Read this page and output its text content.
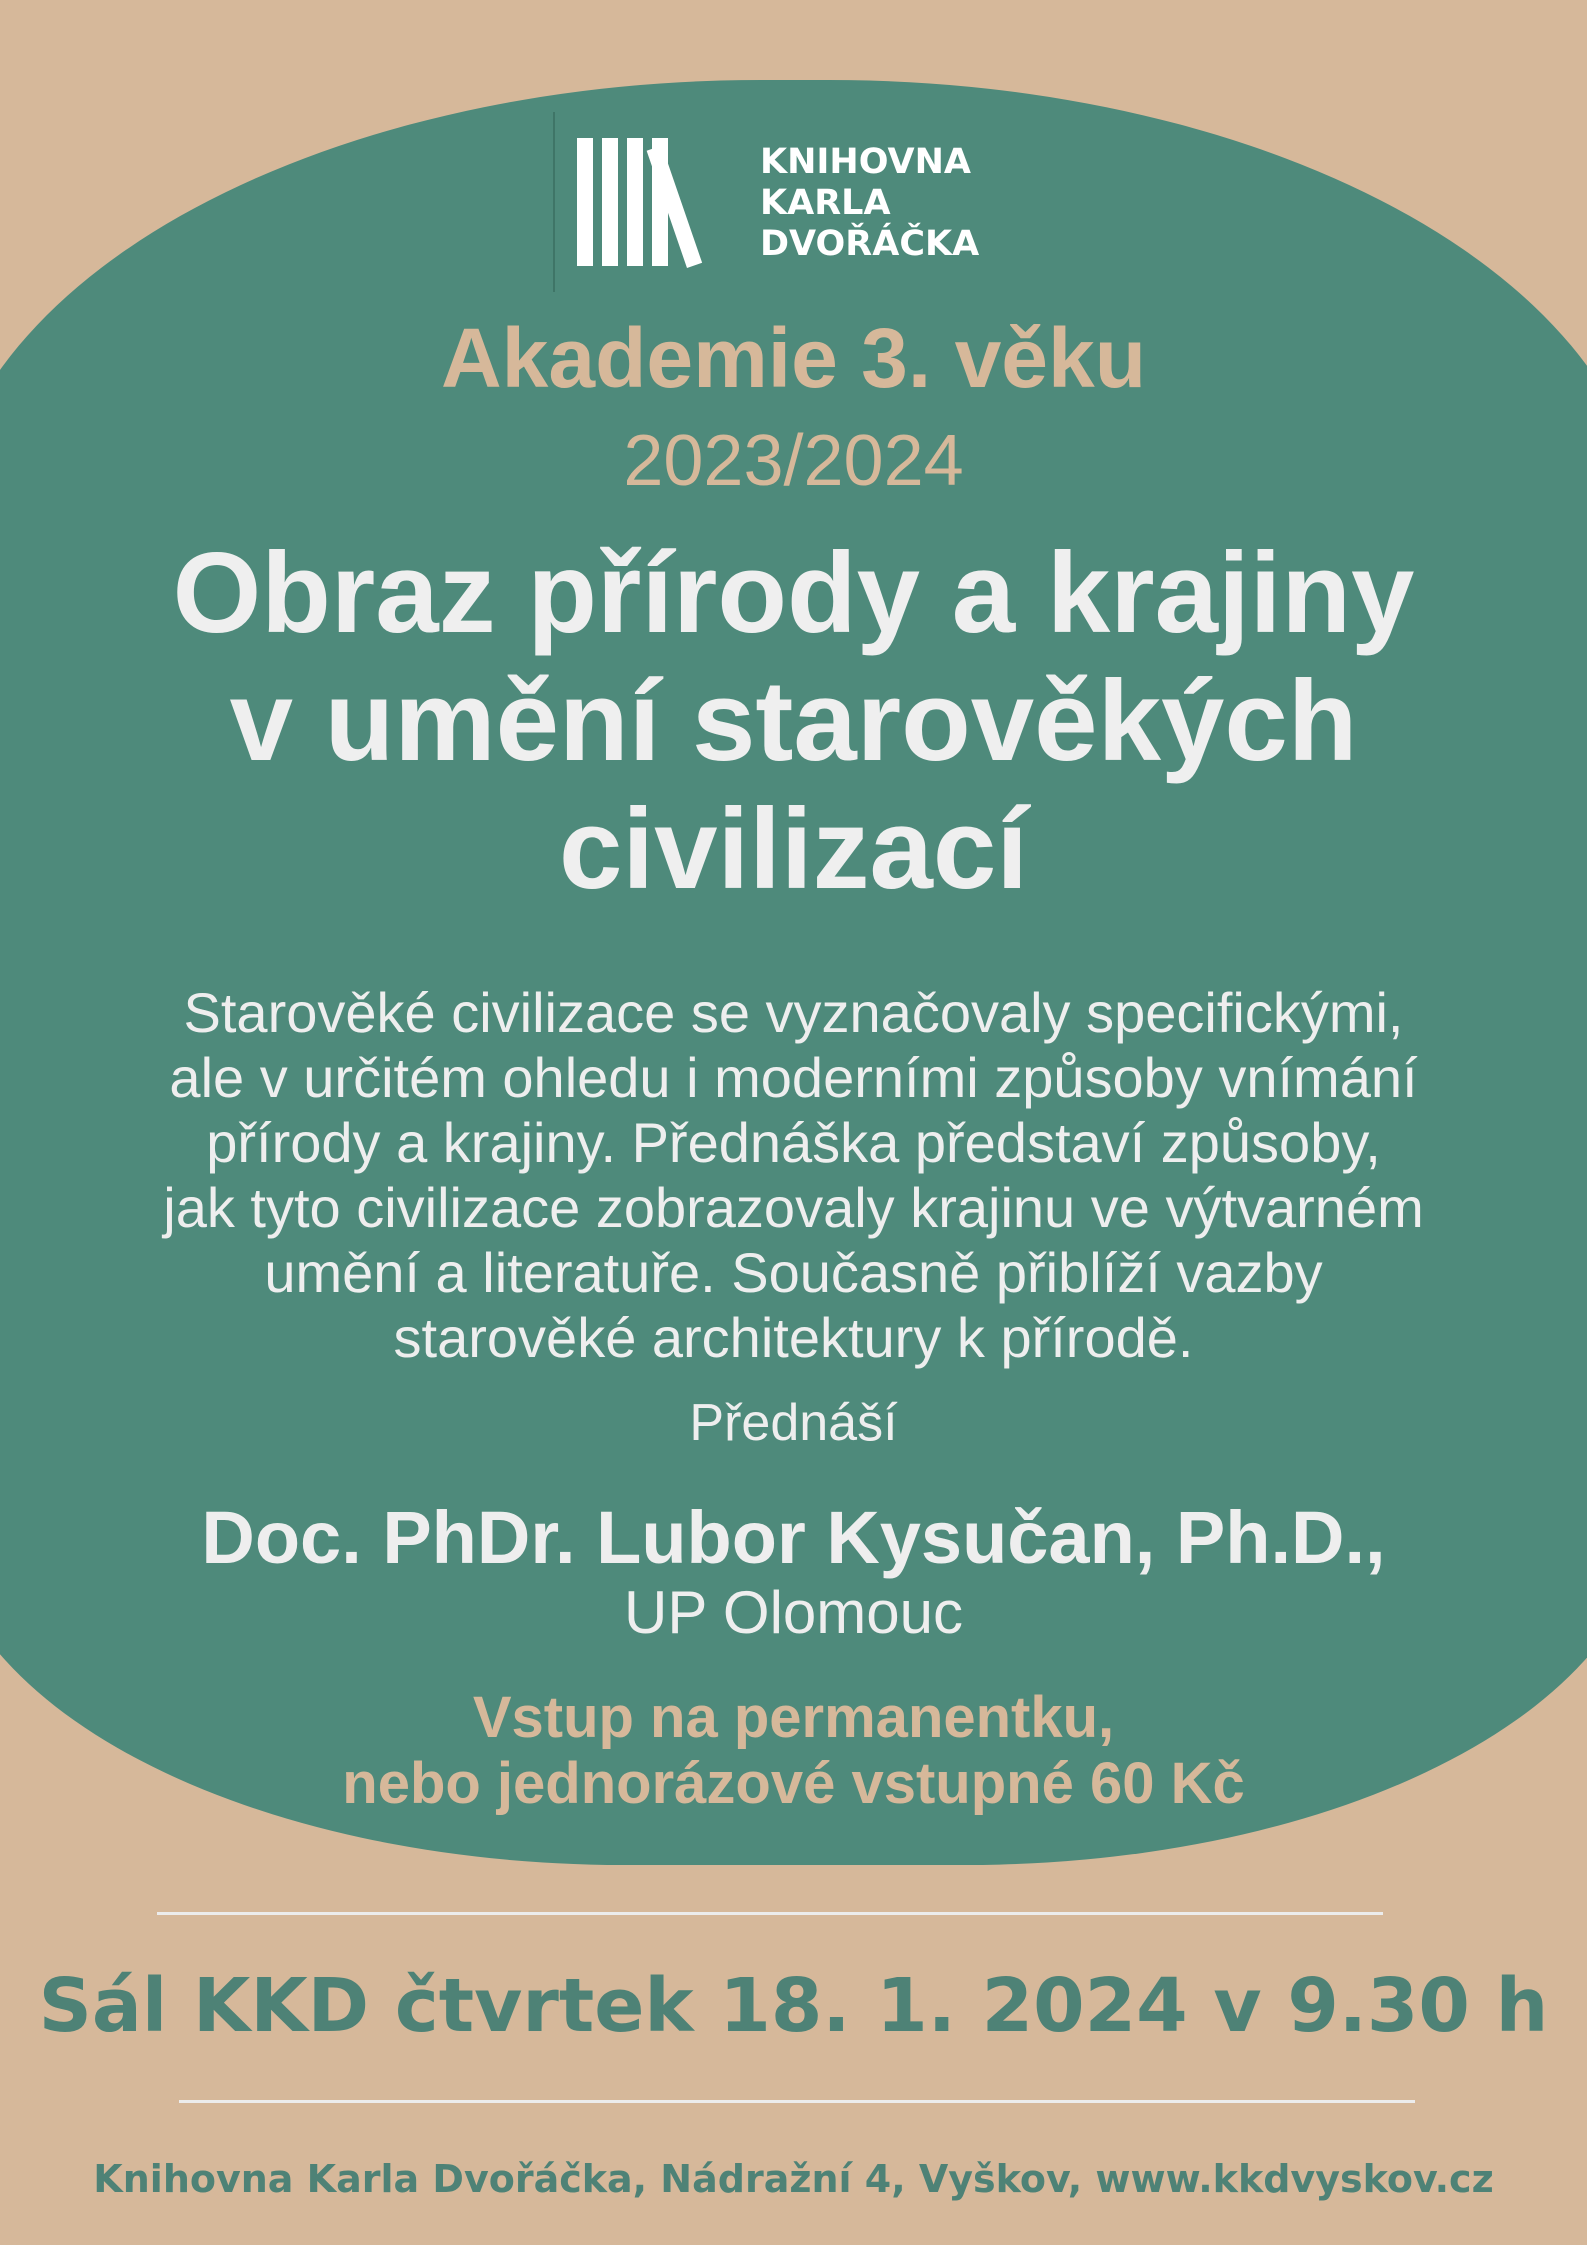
KNIHOVNA
KARLA
DVOŘÁČKA
Akademie 3. věku
2023/2024
Obraz přírody a krajiny
v umění starověkých
civilizací
Starověké civilizace se vyznačovaly specifickými,
ale v určitém ohledu i moderními způsoby vnímání
přírody a krajiny. Přednáška představí způsoby,
jak tyto civilizace zobrazovaly krajinu ve výtvarném
umění a literatuře. Současně přiblíží vazby
starověké architektury k přírodě.
Přednáší
Doc. PhDr. Lubor Kysučan, Ph.D.,
UP Olomouc
Vstup na permanentku,
nebo jednorázové vstupné 60 Kč
Sál KKD čtvrtek 18. 1. 2024 v 9.30 h
Knihovna Karla Dvořáčka, Nádražní 4, Vyškov, www.kkdvyskov.cz
